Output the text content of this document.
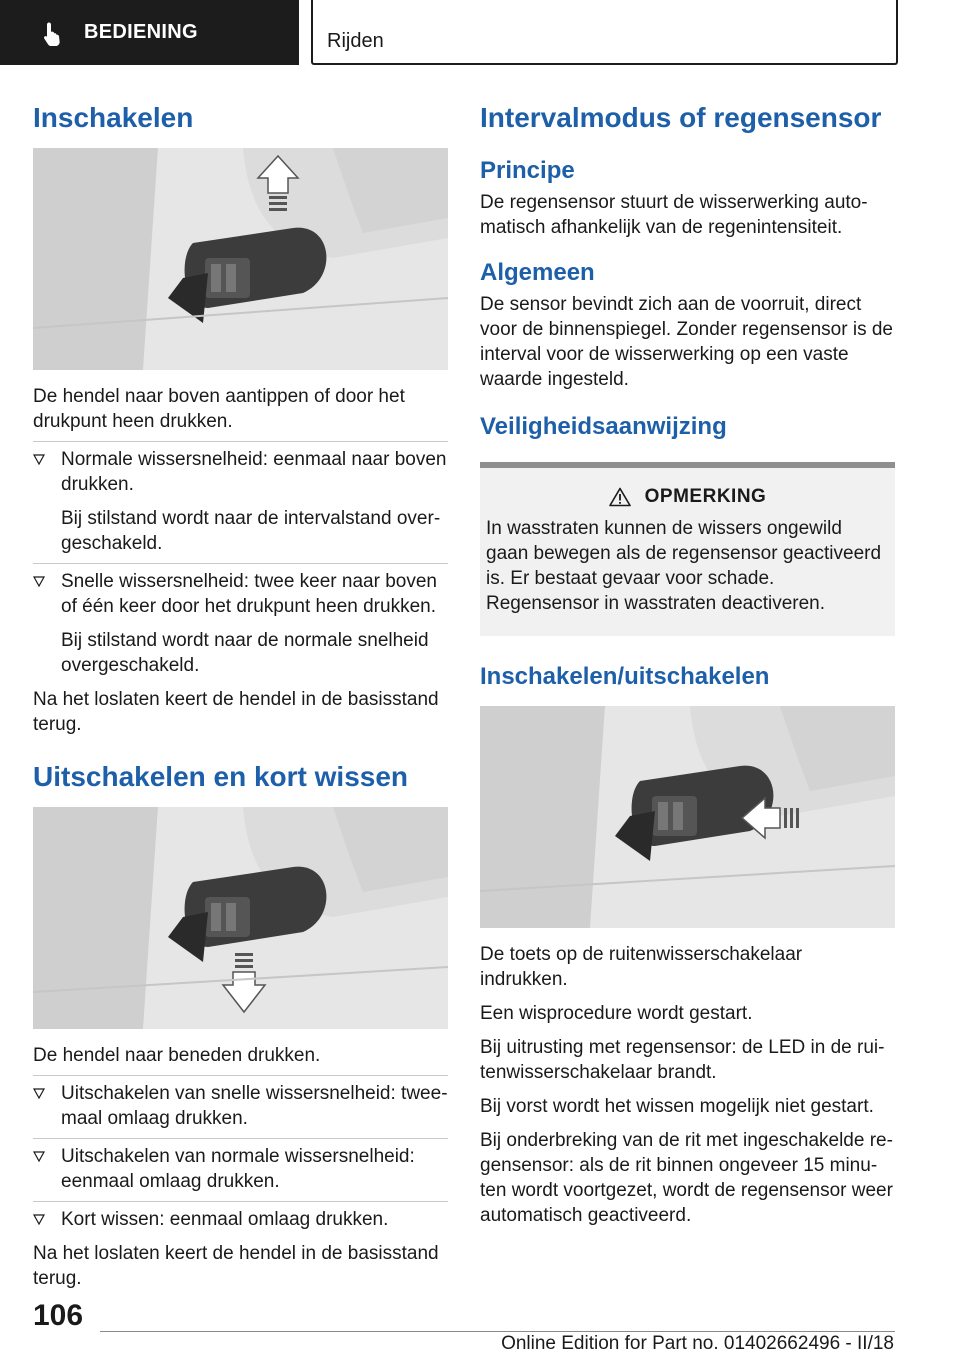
BEDIENING	Rijden
Inschakelen

De hendel naar boven aantippen of door het drukpunt heen drukken.

Normale wissersnelheid: eenmaal naar boven drukken.

Bij stilstand wordt naar de intervalstand overgeschakeld.

Snelle wissersnelheid: twee keer naar boven of één keer door het drukpunt heen drukken.

Bij stilstand wordt naar de normale snelheid overgeschakeld.

Na het loslaten keert de hendel in de basisstand terug.

Uitschakelen en kort wissen

De hendel naar beneden drukken.

Uitschakelen van snelle wissersnelheid: tweemaal omlaag drukken.

Uitschakelen van normale wissersnelheid: eenmaal omlaag drukken.

Kort wissen: eenmaal omlaag drukken.

Na het loslaten keert de hendel in de basisstand terug.

Intervalmodus of regensensor
Principe

De regensensor stuurt de wisserwerking automatisch afhankelijk van de regenintensiteit.

Algemeen

De sensor bevindt zich aan de voorruit, direct voor de binnenspiegel. Zonder regensensor is de interval voor de wisserwerking op een vaste waarde ingesteld.

Veiligheidsaanwijzing
OPMERKING

In wasstraten kunnen de wissers ongewild gaan bewegen als de regensensor geactiveerd is. Er bestaat gevaar voor schade. Regensensor in wasstraten deactiveren.

Inschakelen/uitschakelen

De toets op de ruitenwisserschakelaar indrukken.

Een wisprocedure wordt gestart.

Bij uitrusting met regensensor: de LED in de ruitenwisserschakelaar brandt.

Bij vorst wordt het wissen mogelijk niet gestart.

Bij onderbreking van de rit met ingeschakelde regensensor: als de rit binnen ongeveer 15 minuten wordt voortgezet, wordt de regensensor weer automatisch geactiveerd.

106
Online Edition for Part no. 01402662496 - II/18
